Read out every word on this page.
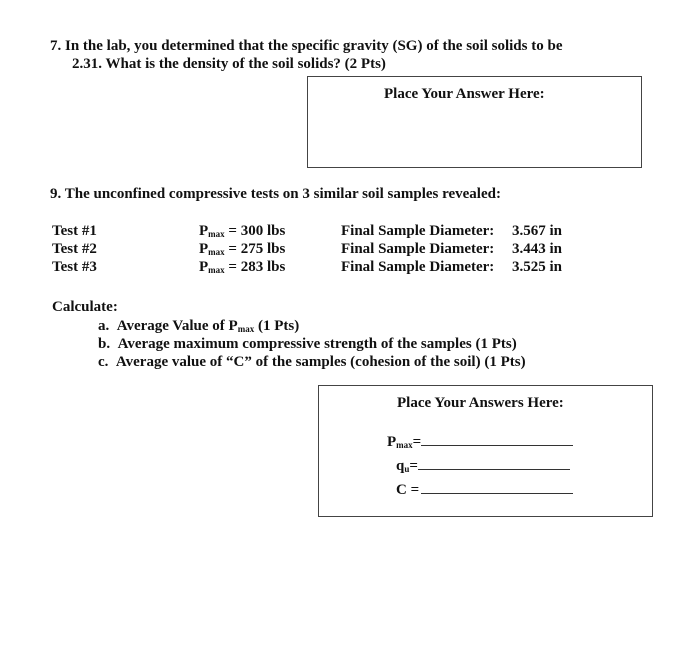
7. In the lab, you determined that the specific gravity (SG) of the soil solids to be
2.31. What is the density of the soil solids? (2 Pts)
Place Your Answer Here:
9. The unconfined compressive tests on 3 similar soil samples revealed:
Test #1	$P_{max} = 300$ lbs	Final Sample Diameter: 3.567 in
Test #2	$P_{max} = 275$ lbs	Final Sample Diameter: 3.443 in
Test #3	$P_{max} = 283$ lbs	Final Sample Diameter: 3.525 in
Calculate:
a. Average Value of $P_{max}$ (1 Pts)
b. Average maximum compressive strength of the samples (1 Pts)
c. Average value of “C” of the samples (cohesion of the soil) (1 Pts)
Place Your Answers Here:
$P_{max}=$
$q_u=$
C =
